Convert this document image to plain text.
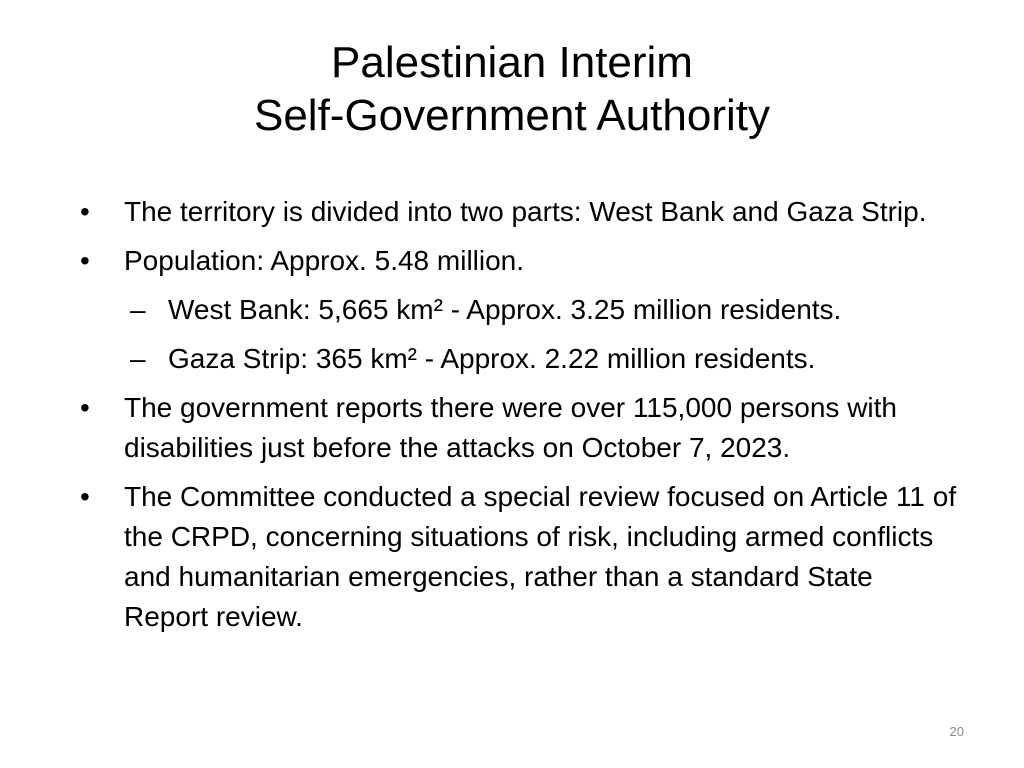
Palestinian Interim
Self-Government Authority
•	The territory is divided into two parts: West Bank and Gaza Strip.
•	Population: Approx. 5.48 million.
– West Bank: 5,665 km² - Approx. 3.25 million residents.
– Gaza Strip: 365 km² - Approx. 2.22 million residents.
•	The government reports there were over 115,000 persons with disabilities just before the attacks on October 7, 2023.
•	The Committee conducted a special review focused on Article 11 of the CRPD, concerning situations of risk, including armed conflicts and humanitarian emergencies, rather than a standard State Report review.
20
